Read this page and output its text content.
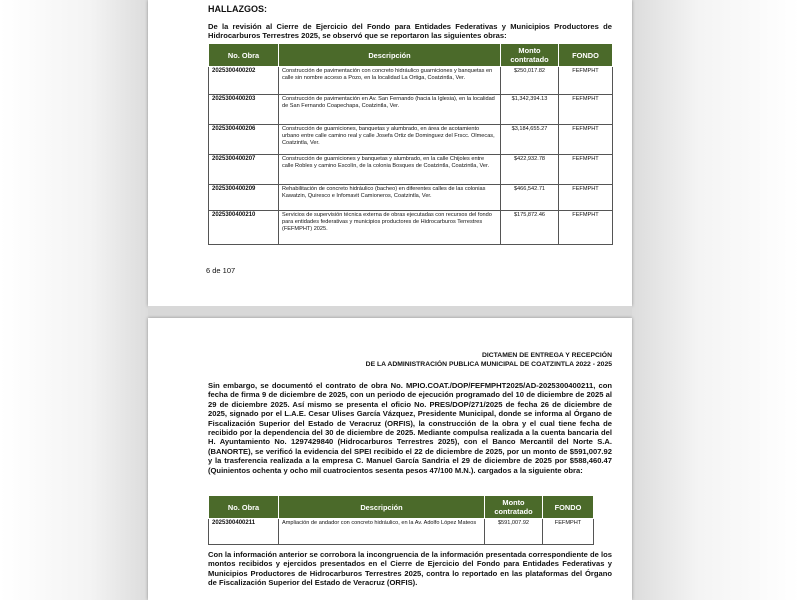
HALLAZGOS:
De la revisión al Cierre de Ejercicio del Fondo para Entidades Federativas y Municipios Productores de Hidrocarburos Terrestres 2025, se observó que se reportaron las siguientes obras:
No. Obra	Descripción	Monto contratado	FONDO
2025300400202	Construcción de pavimentación con concreto hidráulico guarniciones y banquetas en calle sin nombre acceso a Pozo, en la localidad La Ortiga, Coatzintla, Ver.	$250,017.82	FEFMPHT
2025300400203	Construcción de pavimentación en Av. San Fernando (hacia la Iglesia), en la localidad de San Fernando Coapechapa, Coatzintla, Ver.	$1,342,394.13	FEFMPHT
2025300400206	Construcción de guarniciones, banquetas y alumbrado, en área de acotamiento urbano entre calle camino real y calle Josefa Ortiz de Dominguez del Frscc. Olmecas, Coatzintla, Ver.	$3,184,655.27	FEFMPHT
2025300400207	Construcción de guarniciones y banquetas y alumbrado, en la calle Chijoles entre calle Robles y camino Escolín, de la colonia Bosques de Coatzintla, Coatzintla, Ver.	$422,932.78	FEFMPHT
2025300400209	Rehabilitación de concreto hidráulico (bacheo) en diferentes calles de las colonias Kawatzin, Quiresco e Infomavit Camioneros, Coatzintla, Ver.	$466,542.71	FEFMPHT
2025300400210	Servicios de supervisión técnica externa de obras ejecutadas con recursos del fondo para entidades federativas y municipios productores de Hidrocarburos Terrestres (FEFMPHT) 2025.	$175,872.46	FEFMPHT
6 de 107
DICTAMEN DE ENTREGA Y RECEPCIÓN
DE LA ADMINISTRACIÓN PUBLICA MUNICIPAL DE COATZINTLA 2022 - 2025
Sin embargo, se documentó el contrato de obra No. MPIO.COAT./DOP/FEFMPHT2025/AD-2025300400211, con fecha de firma 9 de diciembre de 2025, con un periodo de ejecución programado del 10 de diciembre de 2025 al 29 de diciembre 2025. Así mismo se presenta el oficio No. PRES/DOP/271/2025 de fecha 26 de diciembre de 2025, signado por el L.A.E. Cesar Ulises García Vázquez, Presidente Municipal, donde se informa al Órgano de Fiscalización Superior del Estado de Veracruz (ORFIS), la construcción de la obra y el cual tiene fecha de recibido por la dependencia del 30 de diciembre de 2025. Mediante compulsa realizada a la cuenta bancaria del H. Ayuntamiento No. 1297429840 (Hidrocarburos Terrestres 2025), con el Banco Mercantil del Norte S.A. (BANORTE), se verificó la evidencia del SPEI recibido el 22 de diciembre de 2025, por un monto de $591,007.92 y la trasferencia realizada a la empresa C. Manuel García Sandria el 29 de diciembre de 2025 por $588,460.47 (Quinientos ochenta y ocho mil cuatrocientos sesenta pesos 47/100 M.N.). cargados a la siguiente obra:
No. Obra	Descripción	Monto contratado	FONDO
2025300400211	Ampliación de andador con concreto hidráulico, en la Av. Adolfo López Mateos	$591,007.92	FEFMPHT
Con la información anterior se corrobora la incongruencia de la información presentada correspondiente de los montos recibidos y ejercidos presentados en el Cierre de Ejercicio del Fondo para Entidades Federativas y Municipios Productores de Hidrocarburos Terrestres 2025, contra lo reportado en las plataformas del Órgano de Fiscalización Superior del Estado de Veracruz (ORFIS).
